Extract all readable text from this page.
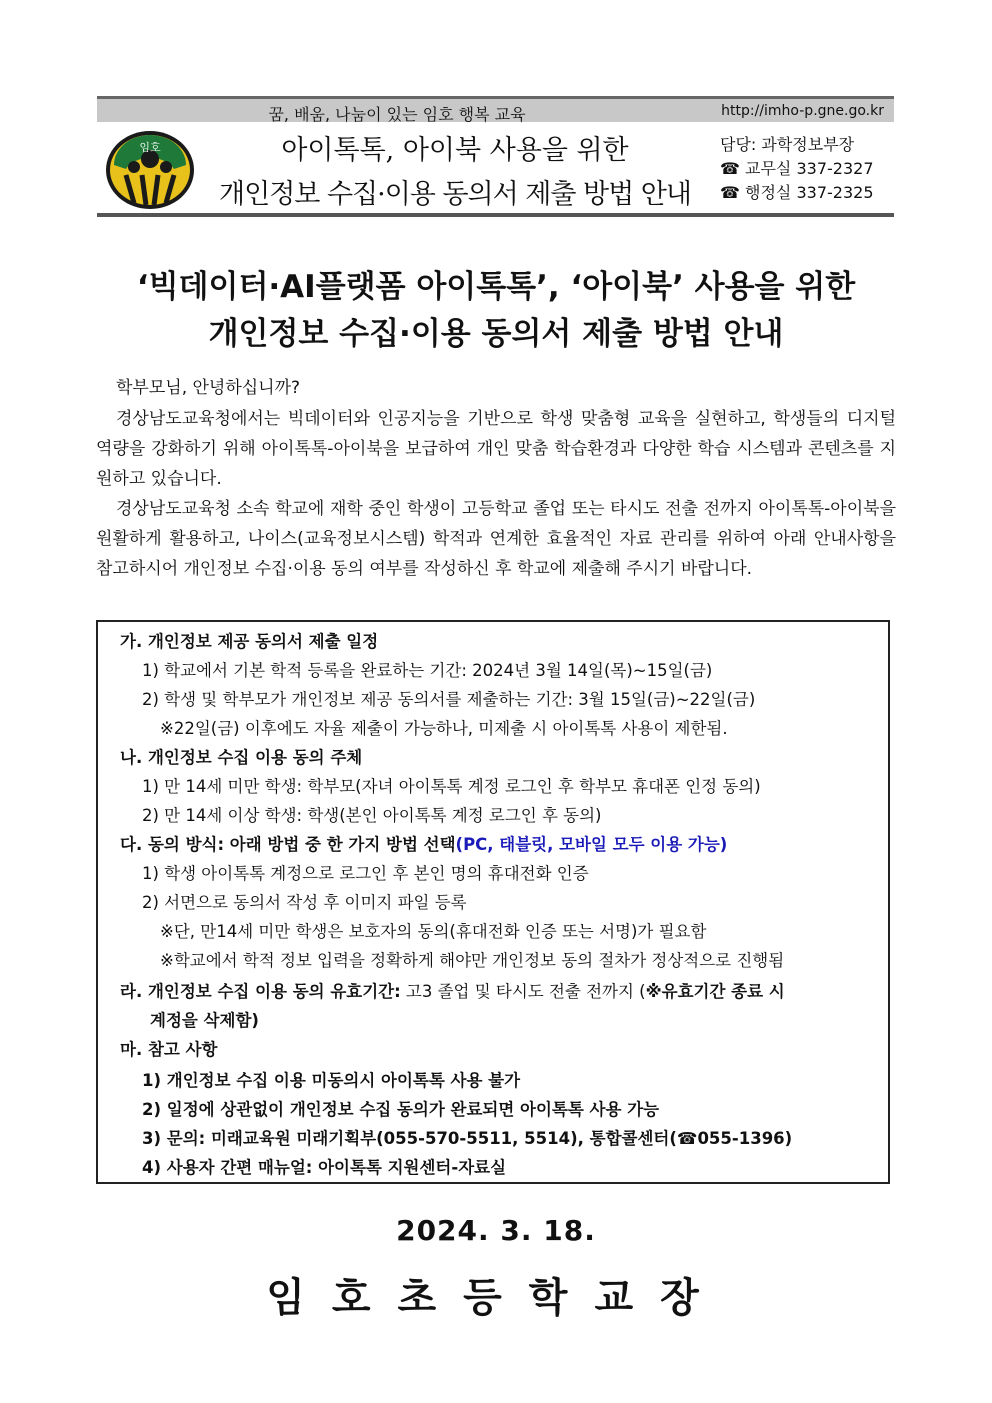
꿈, 배움, 나눔이 있는 임호 행복 교육	http://imho-p.gne.go.kr
임호	아이톡톡, 아이북 사용을 위한
개인정보 수집·이용 동의서 제출 방법 안내
담당: 과학정보부장
☎ 교무실 337-2327
☎ 행정실 337-2325
‘빅데이터·AI플랫폼 아이톡톡’, ‘아이북’ 사용을 위한
개인정보 수집·이용 동의서 제출 방법 안내
학부모님, 안녕하십니까?
경상남도교육청에서는 빅데이터와 인공지능을 기반으로 학생 맞춤형 교육을 실현하고, 학생들의 디지털 역량을 강화하기 위해 아이톡톡-아이북을 보급하여 개인 맞춤 학습환경과 다양한 학습 시스템과 콘텐츠를 지원하고 있습니다.
경상남도교육청 소속 학교에 재학 중인 학생이 고등학교 졸업 또는 타시도 전출 전까지 아이톡톡-아이북을 원활하게 활용하고, 나이스(교육정보시스템) 학적과 연계한 효율적인 자료 관리를 위하여 아래 안내사항을 참고하시어 개인정보 수집·이용 동의 여부를 작성하신 후 학교에 제출해 주시기 바랍니다.
가. 개인정보 제공 동의서 제출 일정
1) 학교에서 기본 학적 등록을 완료하는 기간: 2024년 3월 14일(목)~15일(금)
2) 학생 및 학부모가 개인정보 제공 동의서를 제출하는 기간: 3월 15일(금)~22일(금)
※22일(금) 이후에도 자율 제출이 가능하나, 미제출 시 아이톡톡 사용이 제한됨.
나. 개인정보 수집 이용 동의 주체
1) 만 14세 미만 학생: 학부모(자녀 아이톡톡 계정 로그인 후 학부모 휴대폰 인정 동의)
2) 만 14세 이상 학생: 학생(본인 아이톡톡 계정 로그인 후 동의)
다. 동의 방식: 아래 방법 중 한 가지 방법 선택(PC, 태블릿, 모바일 모두 이용 가능)
1) 학생 아이톡톡 계정으로 로그인 후 본인 명의 휴대전화 인증
2) 서면으로 동의서 작성 후 이미지 파일 등록
※단, 만14세 미만 학생은 보호자의 동의(휴대전화 인증 또는 서명)가 필요함
※학교에서 학적 정보 입력을 정확하게 해야만 개인정보 동의 절차가 정상적으로 진행됨
라. 개인정보 수집 이용 동의 유효기간: 고3 졸업 및 타시도 전출 전까지 (※유효기간 종료 시
계정을 삭제함)
마. 참고 사항
1) 개인정보 수집 이용 미동의시 아이톡톡 사용 불가
2) 일정에 상관없이 개인정보 수집 동의가 완료되면 아이톡톡 사용 가능
3) 문의: 미래교육원 미래기획부(055-570-5511, 5514), 통합콜센터(☎055-1396)
4) 사용자 간편 매뉴얼: 아이톡톡 지원센터-자료실
2024. 3. 18.
임호초등학교장
